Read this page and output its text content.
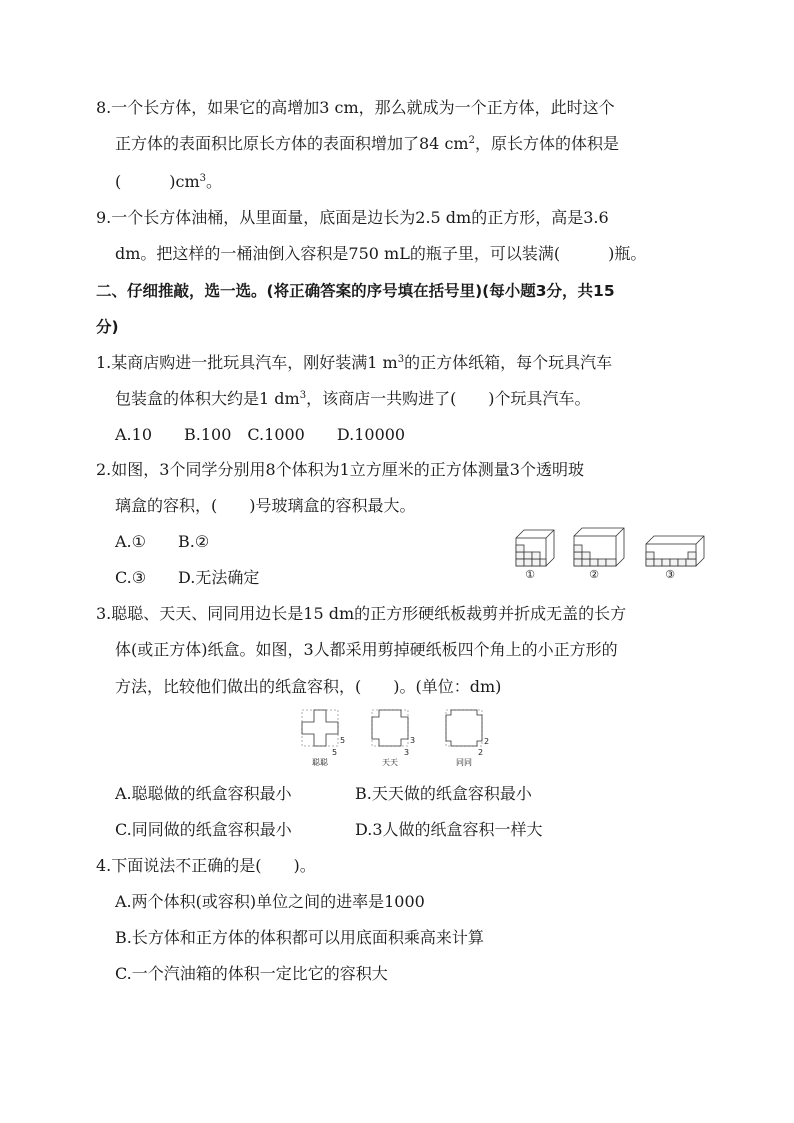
8.一个长方体，如果它的高增加3 cm，那么就成为一个正方体，此时这个
正方体的表面积比原长方体的表面积增加了84 $cm^2$，原长方体的体积是
(　　　)$cm^3$。
9.一个长方体油桶，从里面量，底面是边长为2.5 dm的正方形，高是3.6
dm。把这样的一桶油倒入容积是750 mL的瓶子里，可以装满(　　　)瓶。
二、仔细推敲，选一选。(将正确答案的序号填在括号里)(每小题3分，共15
分)
1.某商店购进一批玩具汽车，刚好装满1 $m^3$的正方体纸箱，每个玩具汽车
包装盒的体积大约是1 $dm^3$，该商店一共购进了(　　)个玩具汽车。
A.10　　B.100　C.1000　　D.10000
2.如图，3个同学分别用8个体积为1立方厘米的正方体测量3个透明玻
璃盒的容积，(　　)号玻璃盒的容积最大。
A.① B.②
C.③ D.无法确定	①	②	③
3.聪聪、天天、同同用边长是15 dm的正方形硬纸板裁剪并折成无盖的长方
体(或正方体)纸盒。如图，3人都采用剪掉硬纸板四个角上的小正方形的
方法，比较他们做出的纸盒容积，(　　)。(单位：dm)
5
5
3
3
2
2
聪聪	天天	同同
A.聪聪做的纸盒容积最小	B.天天做的纸盒容积最小
C.同同做的纸盒容积最小	D.3人做的纸盒容积一样大
4.下面说法不正确的是(　　)。
A.两个体积(或容积)单位之间的进率是1000
B.长方体和正方体的体积都可以用底面积乘高来计算
C.一个汽油箱的体积一定比它的容积大
